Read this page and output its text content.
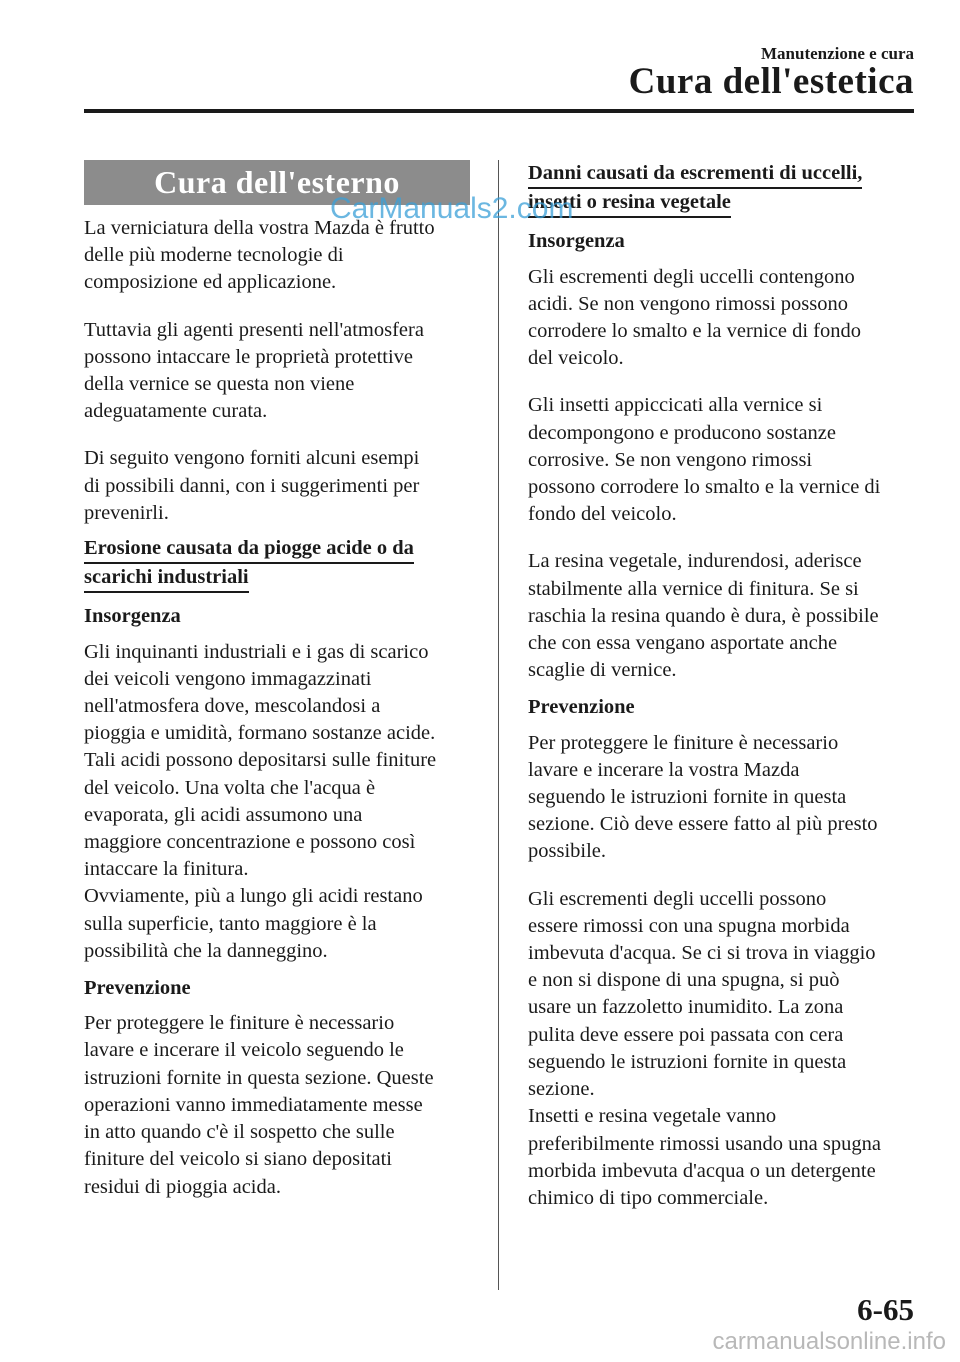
Manutenzione e cura
Cura dell'estetica
Cura dell'esterno

La verniciatura della vostra Mazda è frutto
delle più moderne tecnologie di
composizione ed applicazione.

Tuttavia gli agenti presenti nell'atmosfera
possono intaccare le proprietà protettive
della vernice se questa non viene
adeguatamente curata.

Di seguito vengono forniti alcuni esempi
di possibili danni, con i suggerimenti per
prevenirli.

Erosione causata da piogge acide o da
scarichi industriali
Insorgenza

Gli inquinanti industriali e i gas di scarico
dei veicoli vengono immagazzinati
nell'atmosfera dove, mescolandosi a
pioggia e umidità, formano sostanze acide.
Tali acidi possono depositarsi sulle finiture
del veicolo. Una volta che l'acqua è
evaporata, gli acidi assumono una
maggiore concentrazione e possono così
intaccare la finitura.
Ovviamente, più a lungo gli acidi restano
sulla superficie, tanto maggiore è la
possibilità che la danneggino.

Prevenzione

Per proteggere le finiture è necessario
lavare e incerare il veicolo seguendo le
istruzioni fornite in questa sezione. Queste
operazioni vanno immediatamente messe
in atto quando c'è il sospetto che sulle
finiture del veicolo si siano depositati
residui di pioggia acida.

Danni causati da escrementi di uccelli,
insetti o resina vegetale
Insorgenza

Gli escrementi degli uccelli contengono
acidi. Se non vengono rimossi possono
corrodere lo smalto e la vernice di fondo
del veicolo.

Gli insetti appiccicati alla vernice si
decompongono e producono sostanze
corrosive. Se non vengono rimossi
possono corrodere lo smalto e la vernice di
fondo del veicolo.

La resina vegetale, indurendosi, aderisce
stabilmente alla vernice di finitura. Se si
raschia la resina quando è dura, è possibile
che con essa vengano asportate anche
scaglie di vernice.

Prevenzione

Per proteggere le finiture è necessario
lavare e incerare la vostra Mazda
seguendo le istruzioni fornite in questa
sezione. Ciò deve essere fatto al più presto
possibile.

Gli escrementi degli uccelli possono
essere rimossi con una spugna morbida
imbevuta d'acqua. Se ci si trova in viaggio
e non si dispone di una spugna, si può
usare un fazzoletto inumidito. La zona
pulita deve essere poi passata con cera
seguendo le istruzioni fornite in questa
sezione.
Insetti e resina vegetale vanno
preferibilmente rimossi usando una spugna
morbida imbevuta d'acqua o un detergente
chimico di tipo commerciale.

CarManuals2.com
6-65
carmanualsonline.info
